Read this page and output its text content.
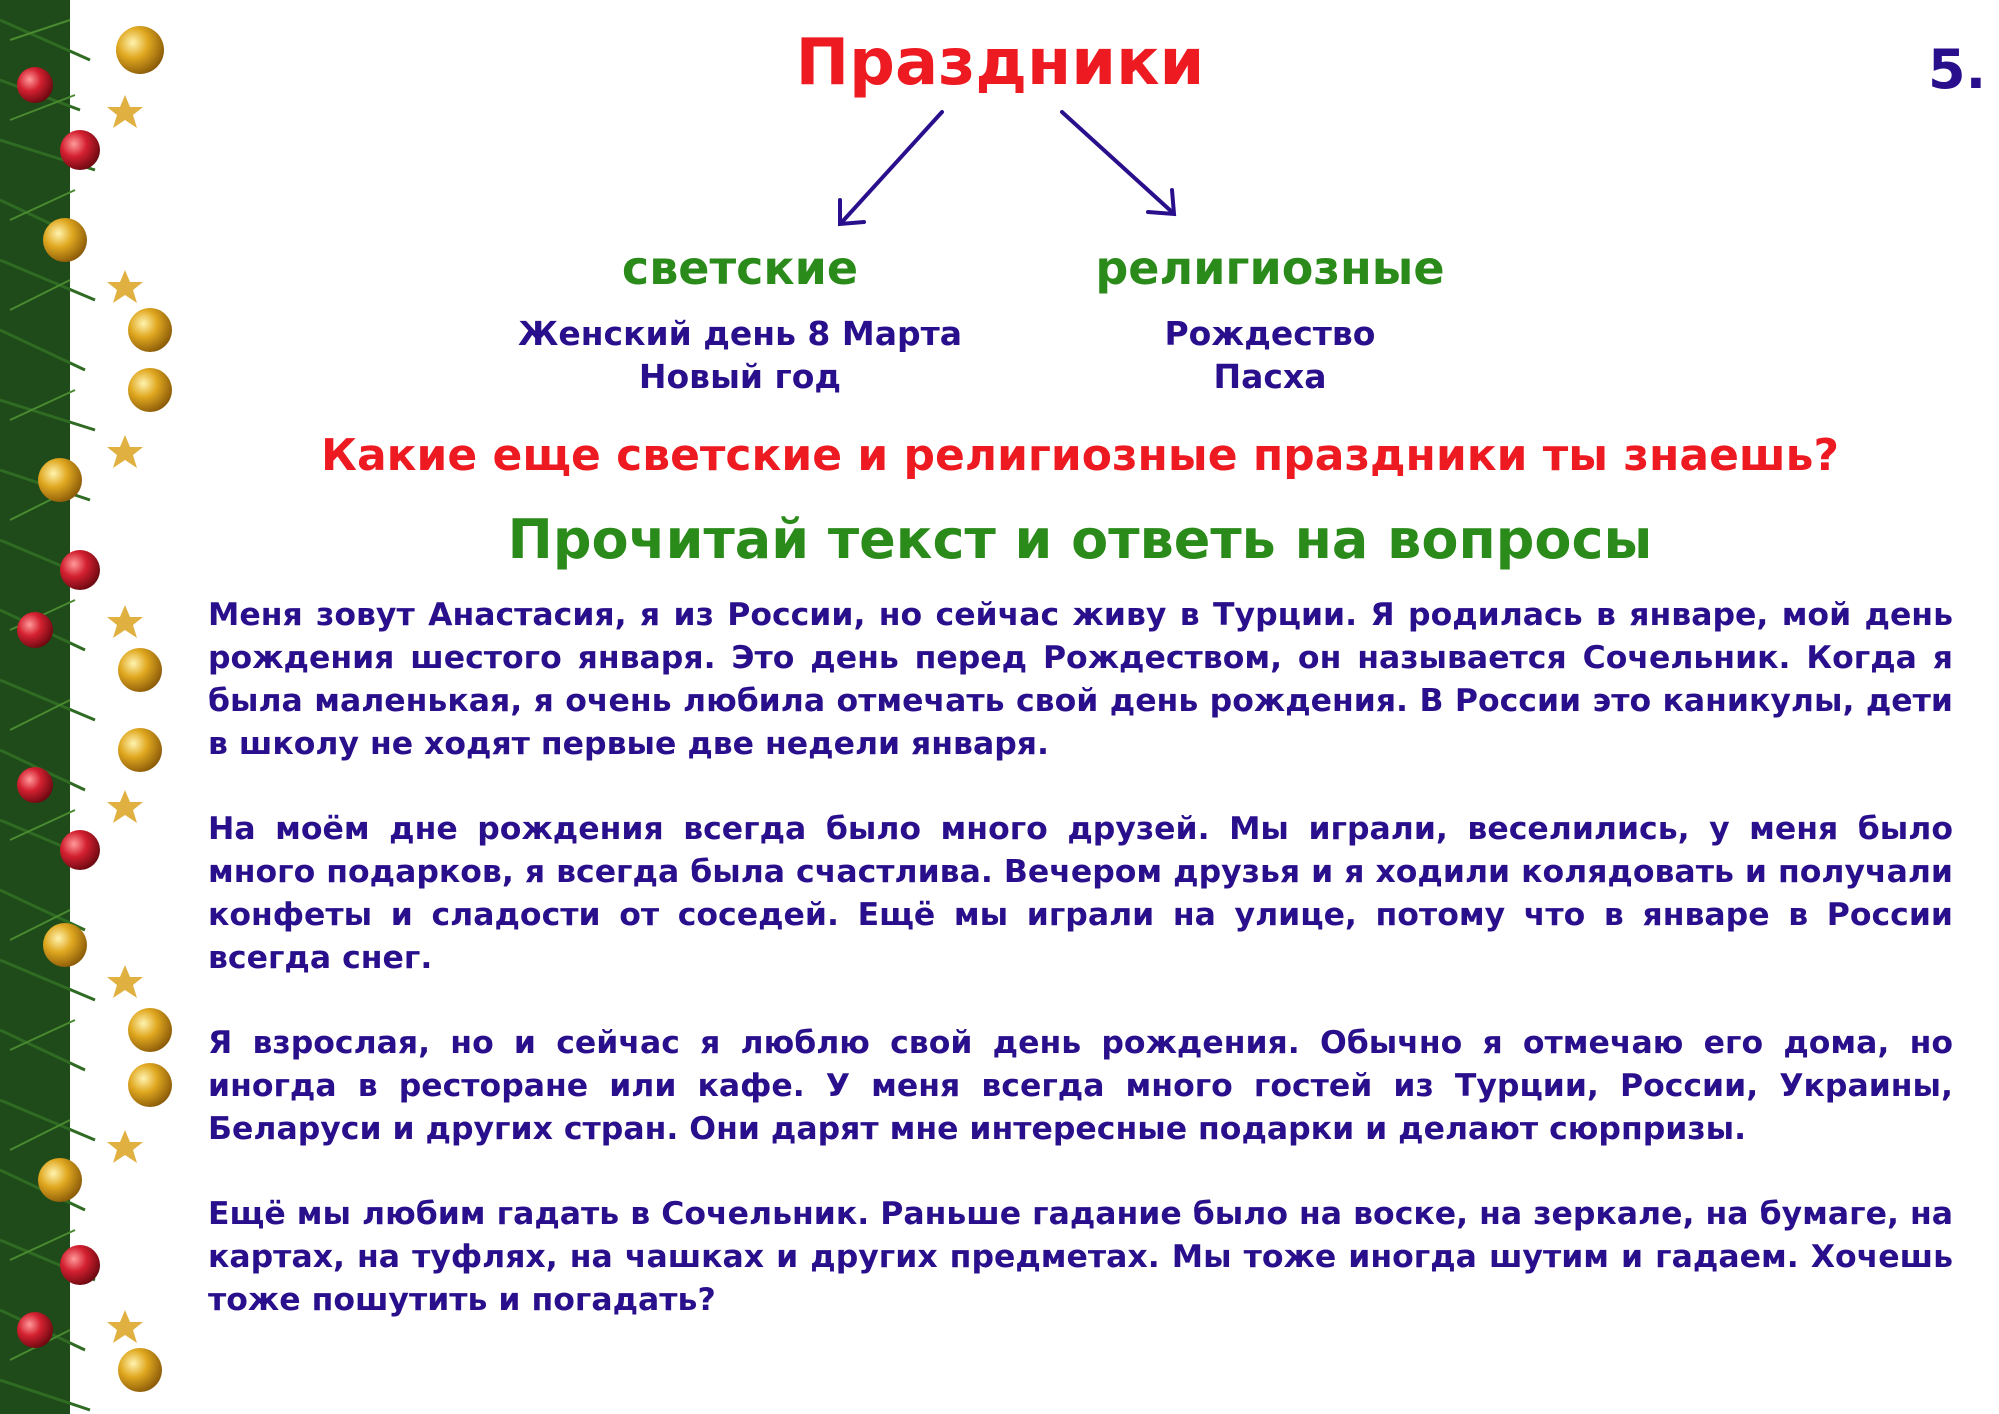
5.
Праздники
светские
Женский день 8 Марта
Новый год
религиозные
Рождество
Пасха
Какие еще светские и религиозные праздники ты знаешь?
Прочитай текст и ответь на вопросы

Меня зовут Анастасия, я из России, но сейчас живу в Турции. Я родилась в январе, мой день рождения шестого января. Это день перед Рождеством, он называется Сочельник. Когда я была маленькая, я очень любила отмечать свой день рождения. В России это каникулы, дети в школу не ходят первые две недели января.

На моём дне рождения всегда было много друзей. Мы играли, веселились, у меня было много подарков, я всегда была счастлива. Вечером друзья и я ходили колядовать и получали конфеты и сладости от соседей. Ещё мы играли на улице, потому что в январе в России всегда снег.

Я взрослая, но и сейчас я люблю свой день рождения. Обычно я отмечаю его дома, но иногда в ресторане или кафе. У меня всегда много гостей из Турции, России, Украины, Беларуси и других стран. Они дарят мне интересные подарки и делают сюрпризы.

Ещё мы любим гадать в Сочельник. Раньше гадание было на воске, на зеркале, на бумаге, на картах, на туфлях, на чашках и других предметах. Мы тоже иногда шутим и гадаем. Хочешь тоже пошутить и погадать?
